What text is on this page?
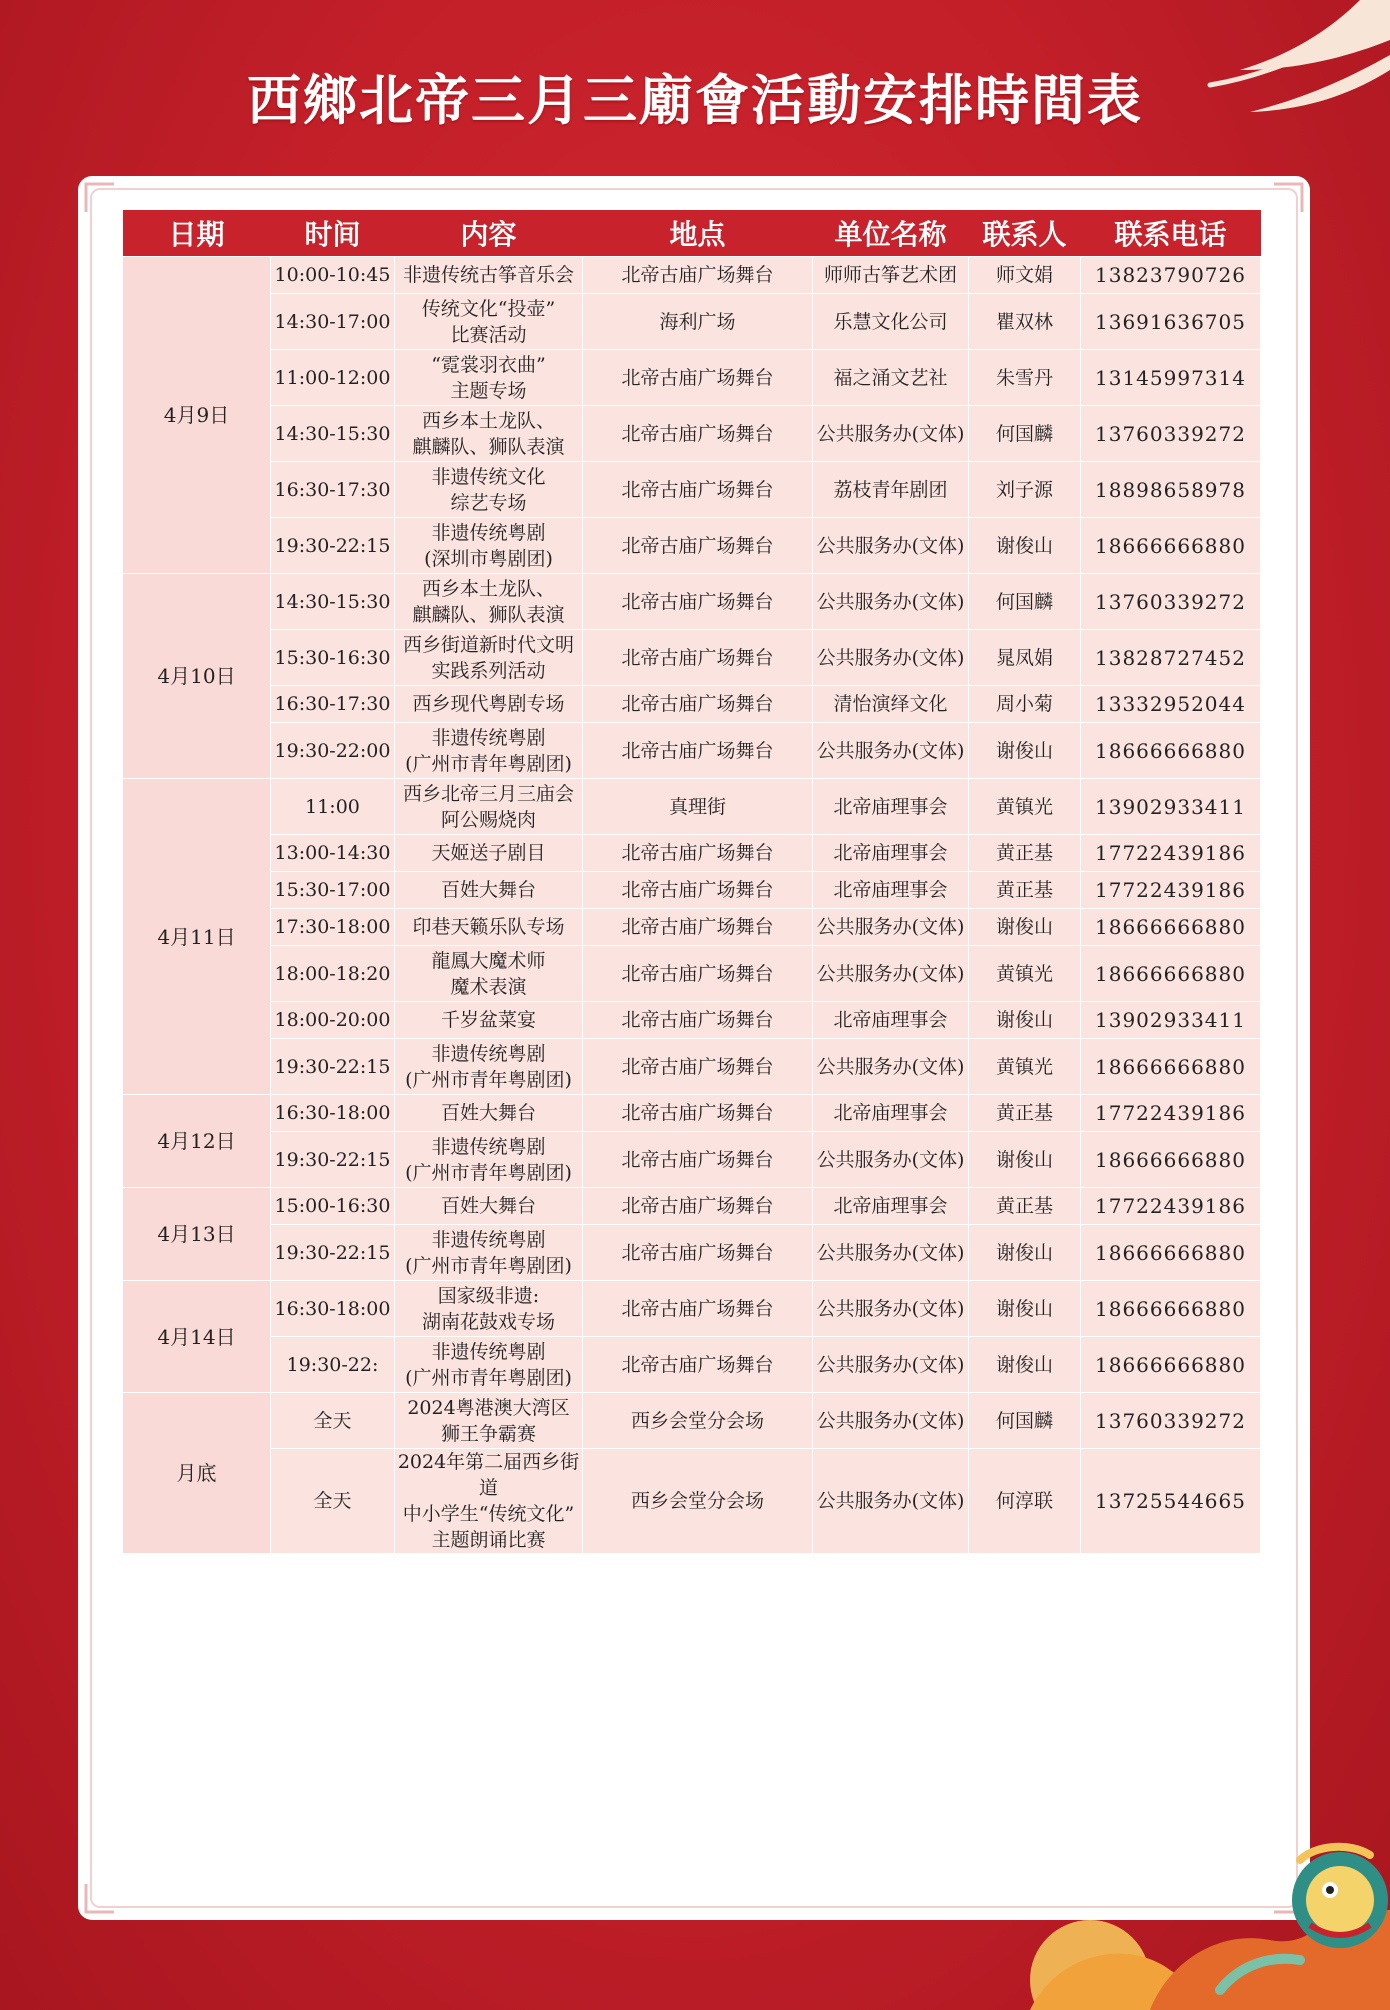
西鄉北帝三月三廟會活動安排時間表
日期	时间	内容	地点	单位名称	联系人	联系电话
4月9日	10:00-10:45	非遗传统古筝音乐会	北帝古庙广场舞台	师师古筝艺术团	师文娟	13823790726
	14:30-17:00	传统文化“投壶”
比赛活动	海利广场	乐慧文化公司	瞿双林	13691636705
	11:00-12:00	“霓裳羽衣曲”
主题专场	北帝古庙广场舞台	福之涌文艺社	朱雪丹	13145997314
	14:30-15:30	西乡本土龙队、
麒麟队、狮队表演	北帝古庙广场舞台	公共服务办(文体)	何国麟	13760339272
	16:30-17:30	非遗传统文化
综艺专场	北帝古庙广场舞台	荔枝青年剧团	刘子源	18898658978
	19:30-22:15	非遗传统粤剧
(深圳市粤剧团)	北帝古庙广场舞台	公共服务办(文体)	谢俊山	18666666880
4月10日	14:30-15:30	西乡本土龙队、
麒麟队、狮队表演	北帝古庙广场舞台	公共服务办(文体)	何国麟	13760339272
	15:30-16:30	西乡街道新时代文明
实践系列活动	北帝古庙广场舞台	公共服务办(文体)	晁凤娟	13828727452
	16:30-17:30	西乡现代粤剧专场	北帝古庙广场舞台	清怡演绎文化	周小菊	13332952044
	19:30-22:00	非遗传统粤剧
(广州市青年粤剧团)	北帝古庙广场舞台	公共服务办(文体)	谢俊山	18666666880
4月11日	11:00	西乡北帝三月三庙会
阿公赐烧肉	真理街	北帝庙理事会	黄镇光	13902933411
	13:00-14:30	天姬送子剧目	北帝古庙广场舞台	北帝庙理事会	黄正基	17722439186
	15:30-17:00	百姓大舞台	北帝古庙广场舞台	北帝庙理事会	黄正基	17722439186
	17:30-18:00	印巷天籁乐队专场	北帝古庙广场舞台	公共服务办(文体)	谢俊山	18666666880
	18:00-18:20	龍鳳大魔术师
魔术表演	北帝古庙广场舞台	公共服务办(文体)	黄镇光	18666666880
	18:00-20:00	千岁盆菜宴	北帝古庙广场舞台	北帝庙理事会	谢俊山	13902933411
	19:30-22:15	非遗传统粤剧
(广州市青年粤剧团)	北帝古庙广场舞台	公共服务办(文体)	黄镇光	18666666880
4月12日	16:30-18:00	百姓大舞台	北帝古庙广场舞台	北帝庙理事会	黄正基	17722439186
	19:30-22:15	非遗传统粤剧
(广州市青年粤剧团)	北帝古庙广场舞台	公共服务办(文体)	谢俊山	18666666880
4月13日	15:00-16:30	百姓大舞台	北帝古庙广场舞台	北帝庙理事会	黄正基	17722439186
	19:30-22:15	非遗传统粤剧
(广州市青年粤剧团)	北帝古庙广场舞台	公共服务办(文体)	谢俊山	18666666880
4月14日	16:30-18:00	国家级非遗:
湖南花鼓戏专场	北帝古庙广场舞台	公共服务办(文体)	谢俊山	18666666880
	19:30-22:	非遗传统粤剧
(广州市青年粤剧团)	北帝古庙广场舞台	公共服务办(文体)	谢俊山	18666666880
月底	全天	2024粤港澳大湾区
狮王争霸赛	西乡会堂分会场	公共服务办(文体)	何国麟	13760339272
	全天	2024年第二届西乡街道
中小学生“传统文化”
主题朗诵比赛	西乡会堂分会场	公共服务办(文体)	何淳联	13725544665
